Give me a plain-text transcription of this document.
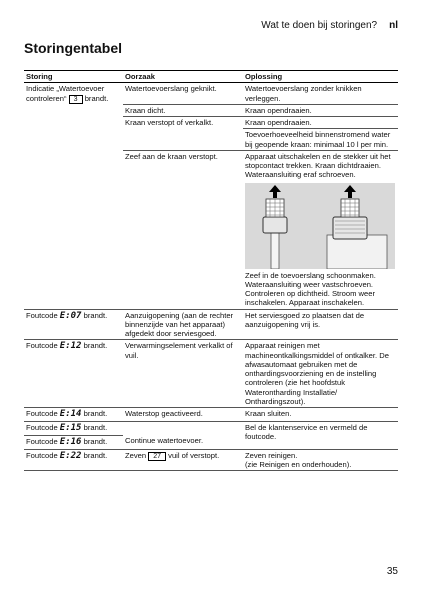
Wat te doen bij storingen? nl
Storingentabel
Storing	Oorzaak	Oplossing
Indicatie „Watertoevoer controleren“ 3 brandt.	Watertoevoerslang geknikt.	Watertoevoerslang zonder knikken verleggen.
	Kraan dicht.	Kraan opendraaien.
	Kraan verstopt of verkalkt.	Kraan opendraaien.
		Toevoerhoeveelheid binnenstromend water bij geopende kraan: minimaal 10 l per min.
	Zeef aan de kraan verstopt.	Apparaat uitschakelen en de stekker uit het stopcontact trekken. Kraan dichtdraaien. Wateraansluiting eraf schroeven.
Zeef in de toevoerslang schoonmaken. Wateraansluiting weer vastschroeven. Controleren op dichtheid. Stroom weer inschakelen. Apparaat inschakelen.

Foutcode E:07 brandt.	Aanzuigopening (aan de rechter binnenzijde van het apparaat) afgedekt door serviesgoed.	Het serviesgoed zo plaatsen dat de aanzuigopening vrij is.
Foutcode E:12 brandt.	Verwarmingselement verkalkt of vuil.	Apparaat reinigen met machineontkalkingsmiddel of ontkalker. De afwasautomaat gebruiken met de onthardingsvoorziening en de instelling controleren (zie het hoofdstuk Waterontharding Installatie/ Onthardingszout).
Foutcode E:14 brandt.	Waterstop geactiveerd.	Kraan sluiten.
Foutcode E:15 brandt.		Bel de klantenservice en vermeld de foutcode.
Foutcode E:16 brandt.	Continue watertoevoer.	
Foutcode E:22 brandt.	Zeven 27 vuil of verstopt.	Zeven reinigen.
(zie Reinigen en onderhouden).
35
